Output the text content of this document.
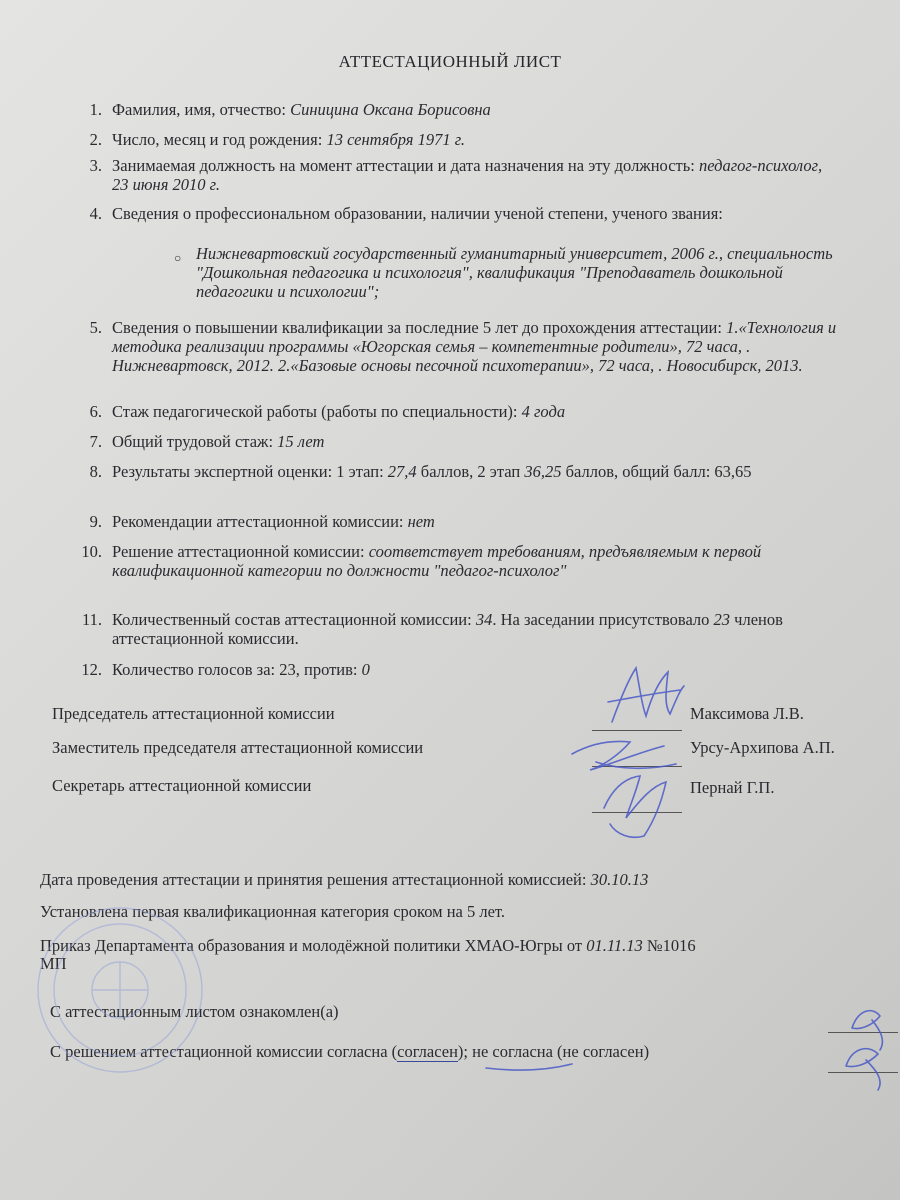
АТТЕСТАЦИОННЫЙ ЛИСТ
1. Фамилия, имя, отчество: Синицина Оксана Борисовна
2. Число, месяц и год рождения: 13 сентября 1971 г.
3. Занимаемая должность на момент аттестации и дата назначения на эту должность: педагог-психолог, 23 июня 2010 г.
4. Сведения о профессиональном образовании, наличии ученой степени, ученого звания:
○ Нижневартовский государственный гуманитарный университет, 2006 г., специальность "Дошкольная педагогика и психология", квалификация "Преподаватель дошкольной педагогики и психологии";
5. Сведения о повышении квалификации за последние 5 лет до прохождения аттестации: 1.«Технология и методика реализации программы «Югорская семья – компетентные родители», 72 часа, . Нижневартовск, 2012. 2.«Базовые основы песочной психотерапии», 72 часа, . Новосибирск, 2013.
6. Стаж педагогической работы (работы по специальности): 4 года
7. Общий трудовой стаж: 15 лет
8. Результаты экспертной оценки: 1 этап: 27,4 баллов, 2 этап 36,25 баллов, общий балл: 63,65
9. Рекомендации аттестационной комиссии: нет
10. Решение аттестационной комиссии: соответствует требованиям, предъявляемым к первой квалификационной категории по должности "педагог-психолог"
11. Количественный состав аттестационной комиссии: 34. На заседании присутствовало 23 членов аттестационной комиссии.
12. Количество голосов за: 23, против: 0
Председатель аттестационной комиссии	Максимова Л.В.
Заместитель председателя аттестационной комиссии	Урсу-Архипова А.П.
Секретарь аттестационной комиссии	Пернай Г.П.
Дата проведения аттестации и принятия решения аттестационной комиссией: 30.10.13
Установлена первая квалификационная категория сроком на 5 лет.
Приказ Департамента образования и молодёжной политики ХМАО-Югры от 01.11.13 №1016
МП
С аттестационным листом ознакомлен(а)
С решением аттестационной комиссии согласна (согласен); не согласна (не согласен)
